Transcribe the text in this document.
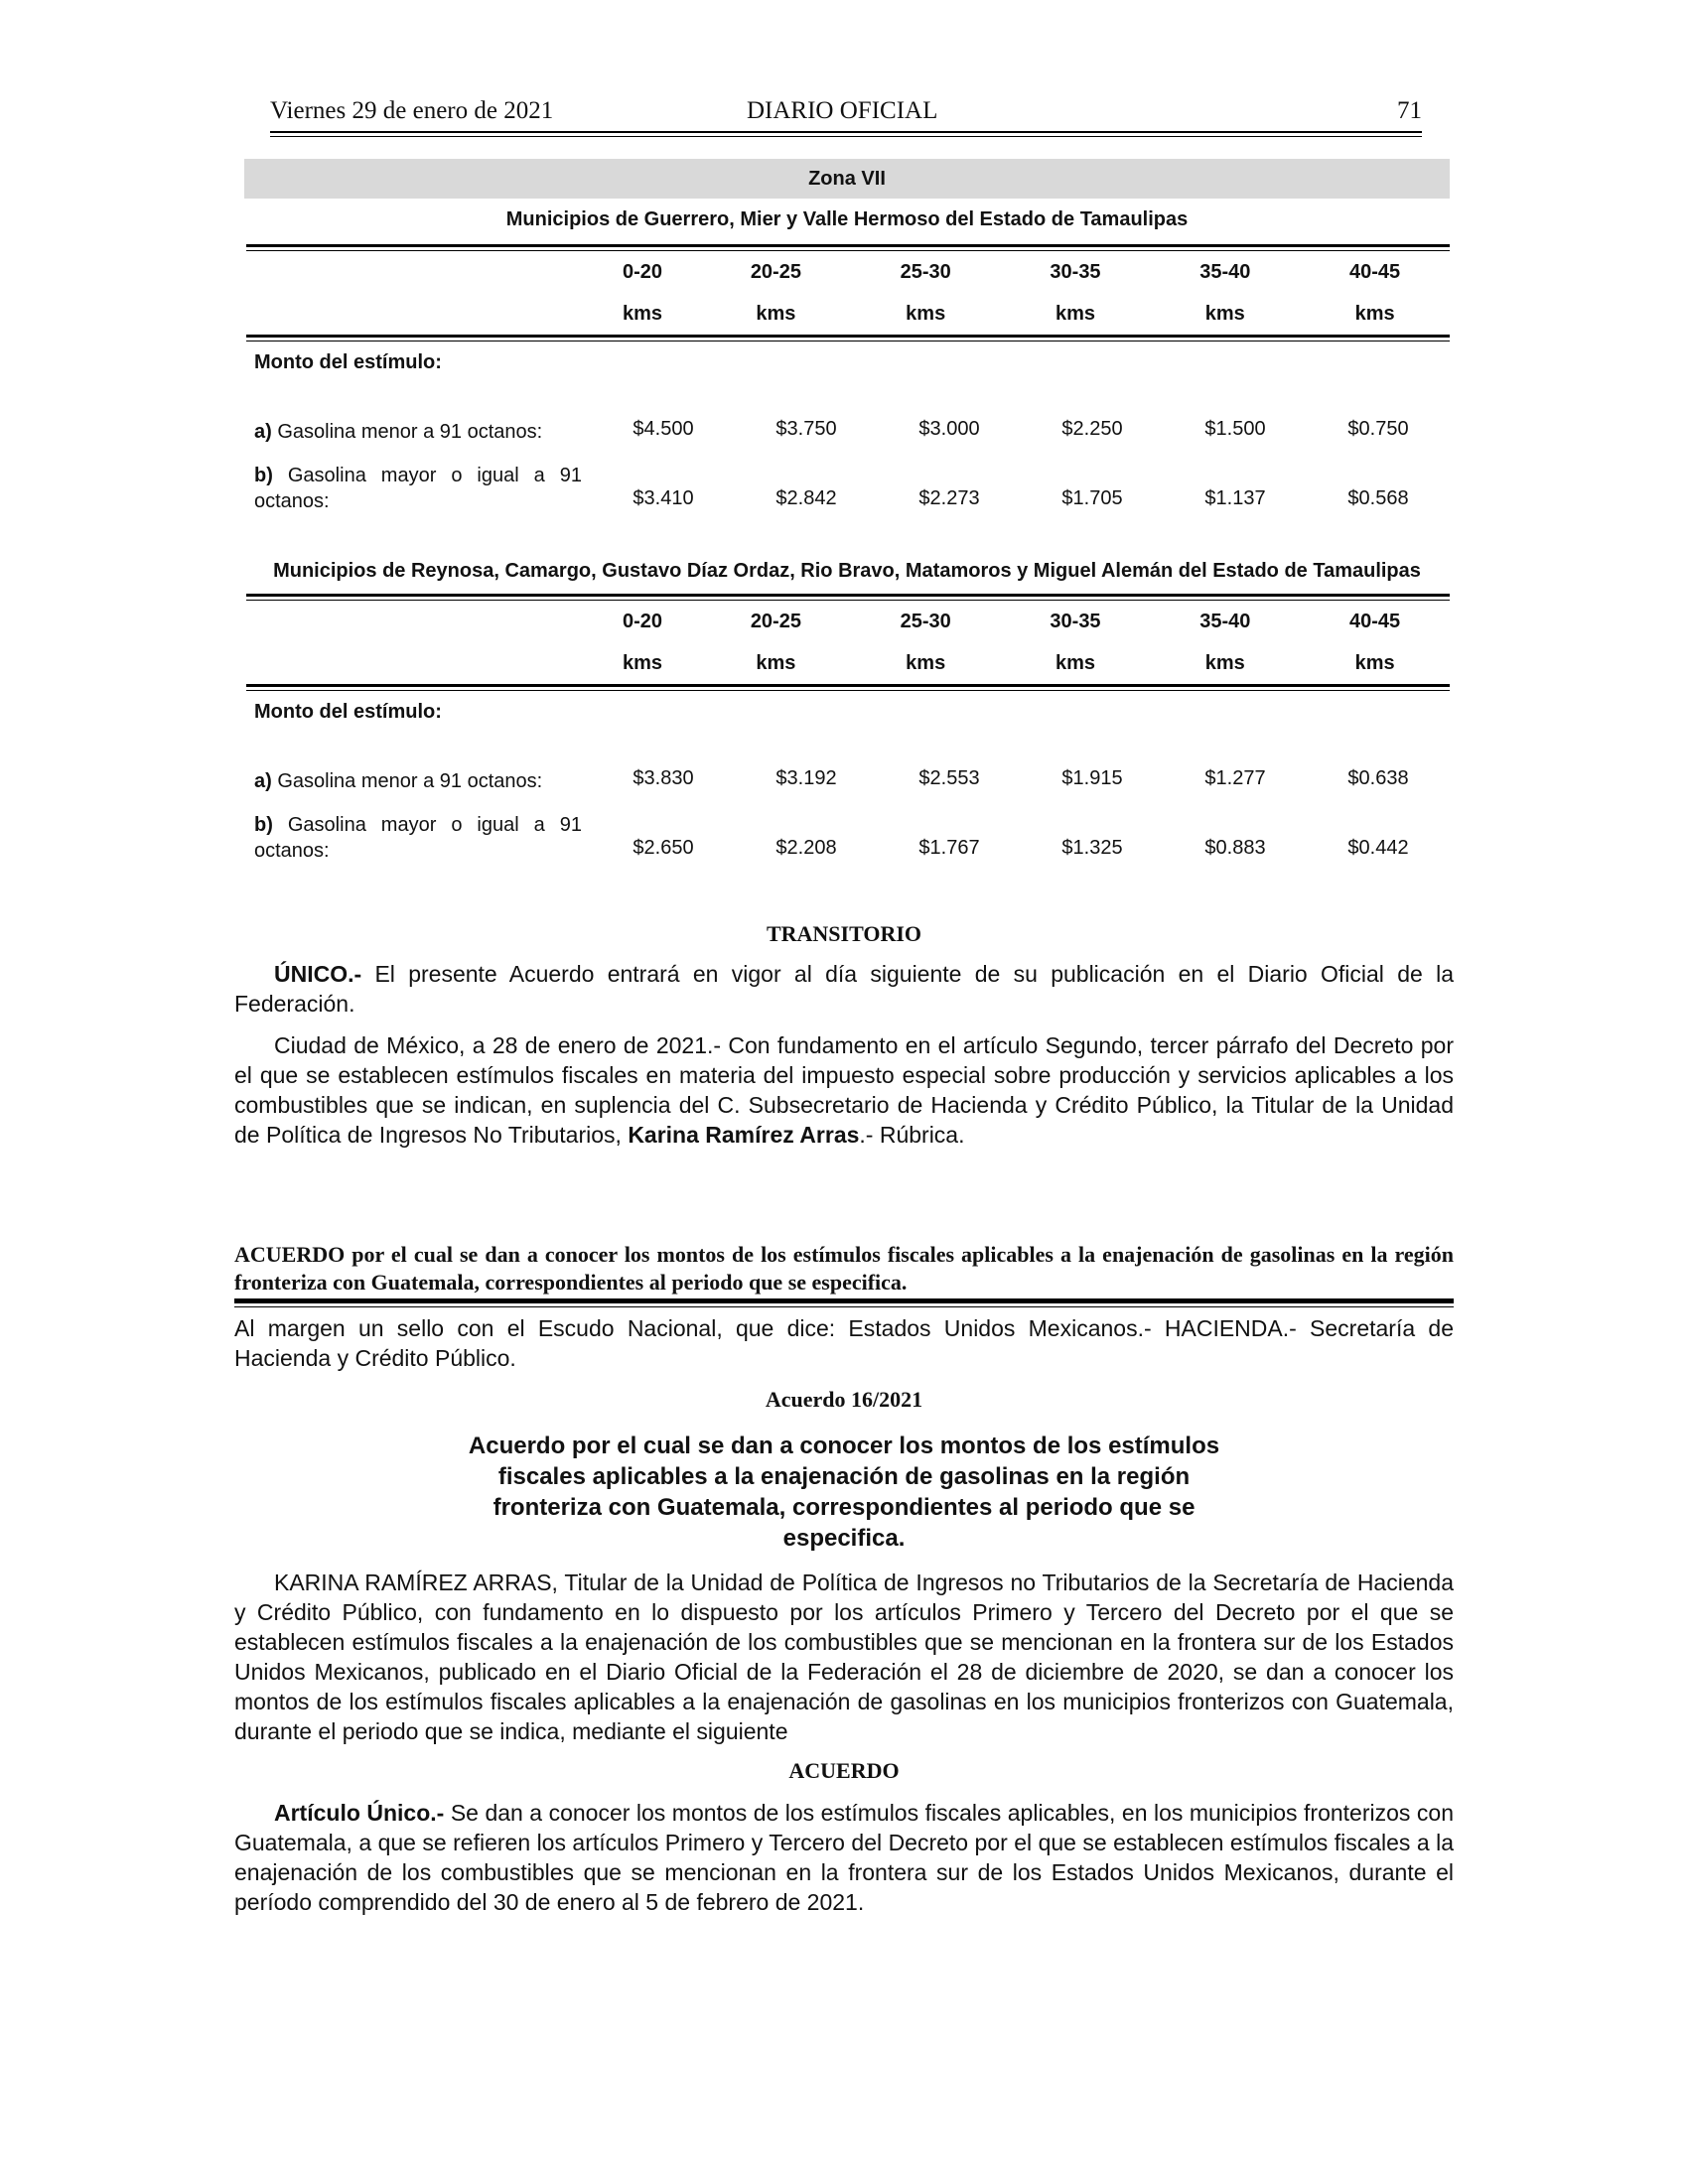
Viernes 29 de enero de 2021	DIARIO OFICIAL	71
Zona VII
Municipios de Guerrero, Mier y Valle Hermoso del Estado de Tamaulipas
	0-20	20-25	25-30	30-35	35-40	40-45
	kms	kms	kms	kms	kms	kms
Monto del estímulo:						
a) Gasolina menor a 91 octanos:	$4.500	$3.750	$3.000	$2.250	$1.500	$0.750
b) Gasolina mayor o igual a 91 octanos:	$3.410	$2.842	$2.273	$1.705	$1.137	$0.568
Municipios de Reynosa, Camargo, Gustavo Díaz Ordaz, Rio Bravo, Matamoros y Miguel Alemán del Estado de Tamaulipas
	0-20	20-25	25-30	30-35	35-40	40-45
	kms	kms	kms	kms	kms	kms
Monto del estímulo:						
a) Gasolina menor a 91 octanos:	$3.830	$3.192	$2.553	$1.915	$1.277	$0.638
b) Gasolina mayor o igual a 91 octanos:	$2.650	$2.208	$1.767	$1.325	$0.883	$0.442
TRANSITORIO

ÚNICO.- El presente Acuerdo entrará en vigor al día siguiente de su publicación en el Diario Oficial de la Federación.

Ciudad de México, a 28 de enero de 2021.- Con fundamento en el artículo Segundo, tercer párrafo del Decreto por el que se establecen estímulos fiscales en materia del impuesto especial sobre producción y servicios aplicables a los combustibles que se indican, en suplencia del C. Subsecretario de Hacienda y Crédito Público, la Titular de la Unidad de Política de Ingresos No Tributarios, Karina Ramírez Arras.- Rúbrica.

ACUERDO por el cual se dan a conocer los montos de los estímulos fiscales aplicables a la enajenación de gasolinas en la región fronteriza con Guatemala, correspondientes al periodo que se especifica.

Al margen un sello con el Escudo Nacional, que dice: Estados Unidos Mexicanos.- HACIENDA.- Secretaría de Hacienda y Crédito Público.

Acuerdo 16/2021
Acuerdo por el cual se dan a conocer los montos de los estímulos fiscales aplicables a la enajenación de gasolinas en la región fronteriza con Guatemala, correspondientes al periodo que se especifica.

KARINA RAMÍREZ ARRAS, Titular de la Unidad de Política de Ingresos no Tributarios de la Secretaría de Hacienda y Crédito Público, con fundamento en lo dispuesto por los artículos Primero y Tercero del Decreto por el que se establecen estímulos fiscales a la enajenación de los combustibles que se mencionan en la frontera sur de los Estados Unidos Mexicanos, publicado en el Diario Oficial de la Federación el 28 de diciembre de 2020, se dan a conocer los montos de los estímulos fiscales aplicables a la enajenación de gasolinas en los municipios fronterizos con Guatemala, durante el periodo que se indica, mediante el siguiente

ACUERDO

Artículo Único.- Se dan a conocer los montos de los estímulos fiscales aplicables, en los municipios fronterizos con Guatemala, a que se refieren los artículos Primero y Tercero del Decreto por el que se establecen estímulos fiscales a la enajenación de los combustibles que se mencionan en la frontera sur de los Estados Unidos Mexicanos, durante el período comprendido del 30 de enero al 5 de febrero de 2021.
